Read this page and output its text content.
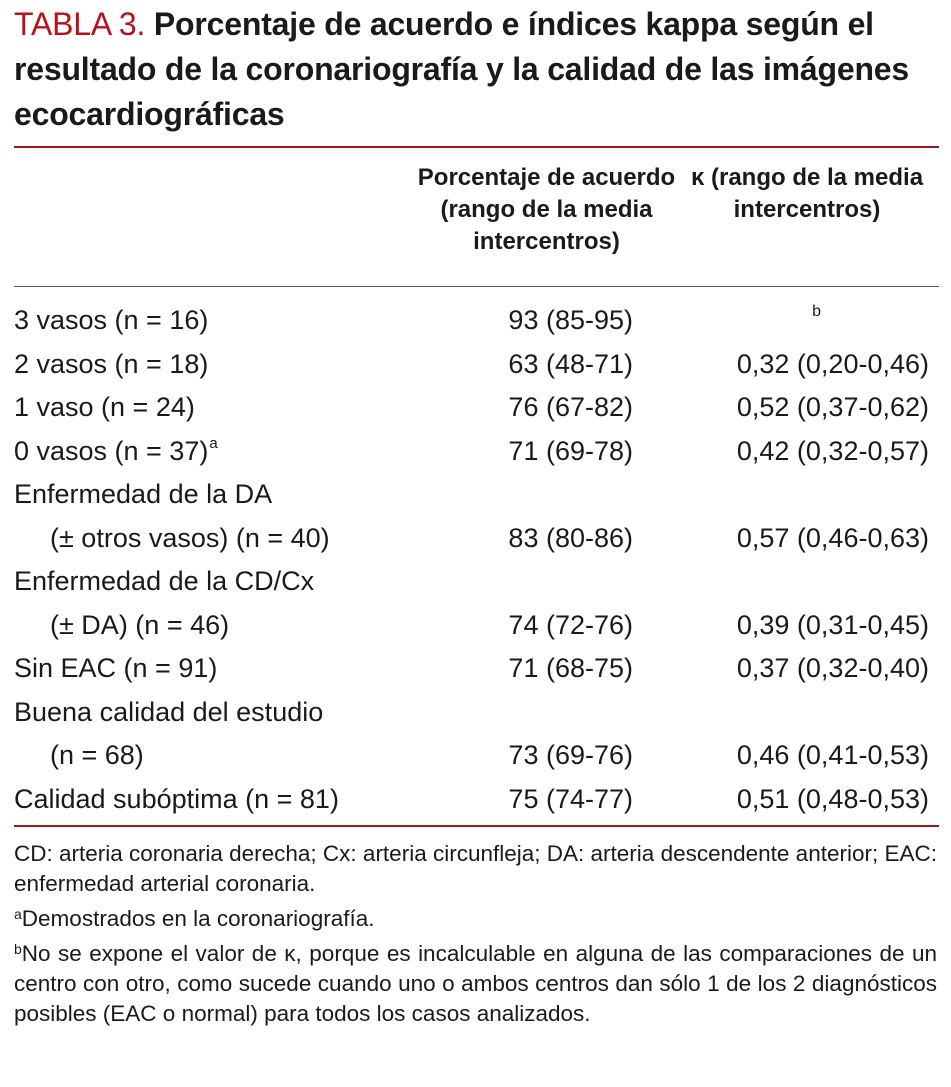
TABLA 3. Porcentaje de acuerdo e índices kappa según el resultado de la coronariografía y la calidad de las imágenes ecocardiográficas
Porcentaje de acuerdo
(rango de la media
intercentros)
κ (rango de la media
intercentros)
3 vasos (n = 16)	93 (85-95)	b
2 vasos (n = 18)	63 (48-71)	0,32 (0,20-0,46)
1 vaso (n = 24)	76 (67-82)	0,52 (0,37-0,62)
0 vasos (n = 37)$^a$	71 (69-78)	0,42 (0,32-0,57)
Enfermedad de la DA
(± otros vasos) (n = 40)	83 (80-86)	0,57 (0,46-0,63)
Enfermedad de la CD/Cx
(± DA) (n = 46)	74 (72-76)	0,39 (0,31-0,45)
Sin EAC (n = 91)	71 (68-75)	0,37 (0,32-0,40)
Buena calidad del estudio
(n = 68)	73 (69-76)	0,46 (0,41-0,53)
Calidad subóptima (n = 81)	75 (74-77)	0,51 (0,48-0,53)

CD: arteria coronaria derecha; Cx: arteria circunfleja; DA: arteria descendente anterior; EAC: enfermedad arterial coronaria.

$^a$Demostrados en la coronariografía.

$^b$No se expone el valor de κ, porque es incalculable en alguna de las comparaciones de un centro con otro, como sucede cuando uno o ambos centros dan sólo 1 de los 2 diagnósticos posibles (EAC o normal) para todos los casos analizados.
